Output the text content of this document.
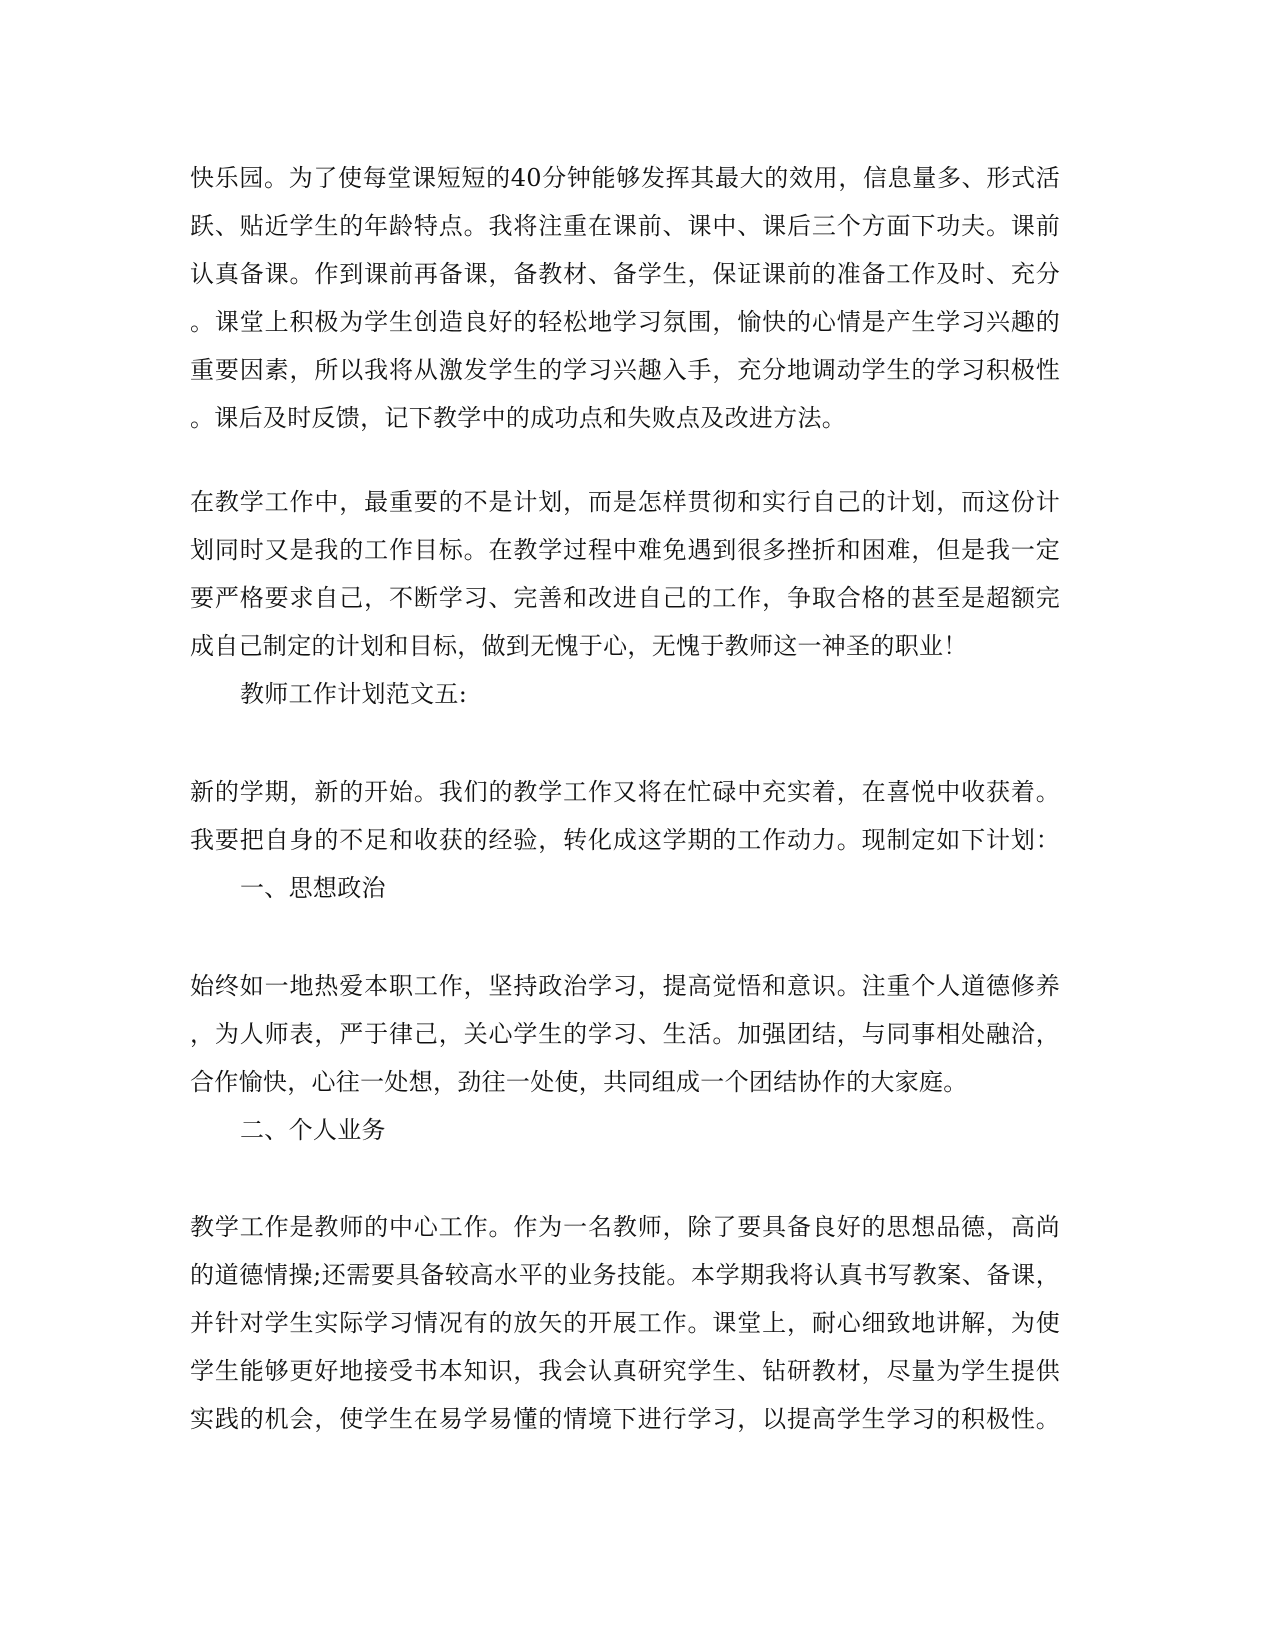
快乐园。为了使每堂课短短的40分钟能够发挥其最大的效用，信息量多、形式活
跃、贴近学生的年龄特点。我将注重在课前、课中、课后三个方面下功夫。课前
认真备课。作到课前再备课，备教材、备学生，保证课前的准备工作及时、充分
。课堂上积极为学生创造良好的轻松地学习氛围，愉快的心情是产生学习兴趣的
重要因素，所以我将从激发学生的学习兴趣入手，充分地调动学生的学习积极性
。课后及时反馈，记下教学中的成功点和失败点及改进方法。
在教学工作中，最重要的不是计划，而是怎样贯彻和实行自己的计划，而这份计
划同时又是我的工作目标。在教学过程中难免遇到很多挫折和困难，但是我一定
要严格要求自己，不断学习、完善和改进自己的工作，争取合格的甚至是超额完
成自己制定的计划和目标，做到无愧于心，无愧于教师这一神圣的职业！
教师工作计划范文五:
新的学期，新的开始。我们的教学工作又将在忙碌中充实着，在喜悦中收获着。
我要把自身的不足和收获的经验，转化成这学期的工作动力。现制定如下计划：
一、思想政治
始终如一地热爱本职工作，坚持政治学习，提高觉悟和意识。注重个人道德修养
，为人师表，严于律己，关心学生的学习、生活。加强团结，与同事相处融洽，
合作愉快，心往一处想，劲往一处使，共同组成一个团结协作的大家庭。
二、个人业务
教学工作是教师的中心工作。作为一名教师，除了要具备良好的思想品德，高尚
的道德情操;还需要具备较高水平的业务技能。本学期我将认真书写教案、备课，
并针对学生实际学习情况有的放矢的开展工作。课堂上，耐心细致地讲解，为使
学生能够更好地接受书本知识，我会认真研究学生、钻研教材，尽量为学生提供
实践的机会，使学生在易学易懂的情境下进行学习，以提高学生学习的积极性。
